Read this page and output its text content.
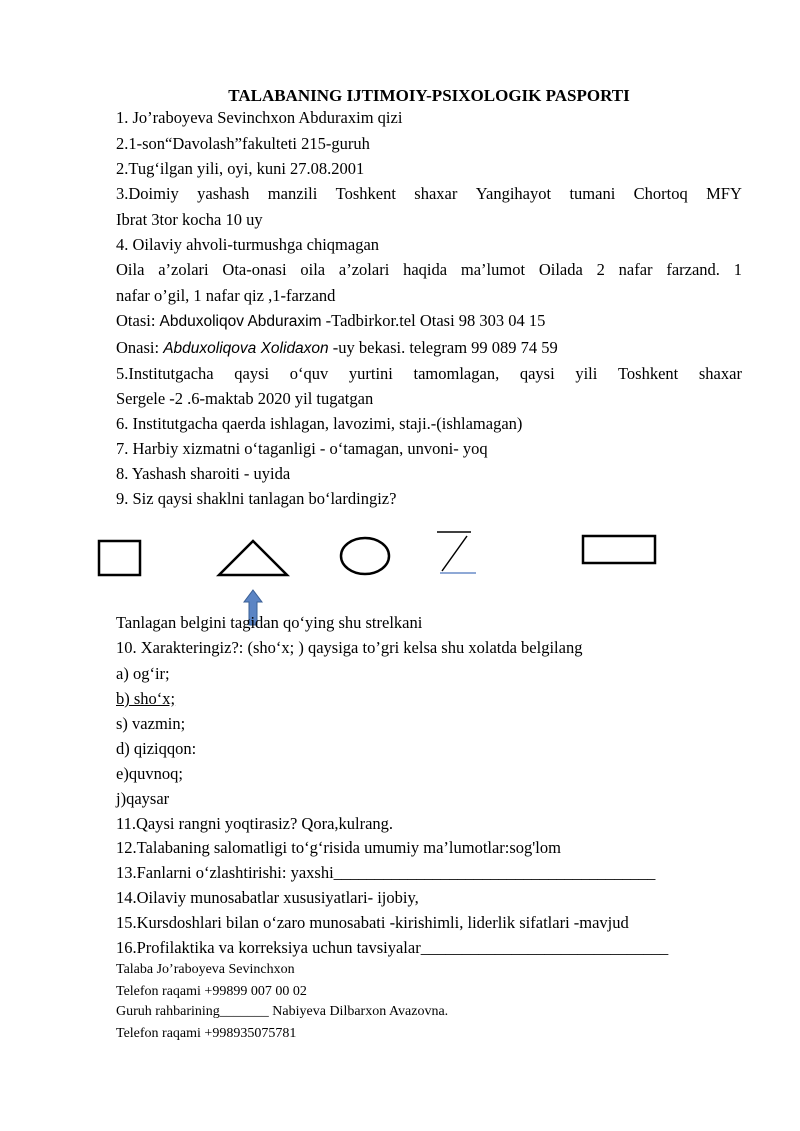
TALABANING IJTIMOIY-PSIXOLOGIK PASPORTI
1. Jo’raboyeva Sevinchxon Abduraxim qizi
2.1-son“Davolash”fakulteti 215-guruh
2.Tug‘ilgan yili, oyi, kuni 27.08.2001
3.Doimiy yashash manzili Toshkent shaxar Yangihayot tumani Chortoq MFY
Ibrat 3tor kocha 10 uy
4. Oilaviy ahvoli-turmushga chiqmagan
Oila a’zolari Ota-onasi oila a’zolari haqida ma’lumot Oilada 2 nafar farzand. 1
nafar o’gil, 1 nafar qiz ,1-farzand
Otasi: Abduxoliqov Abduraxim -Tadbirkor.tel Otasi 98 303 04 15
Onasi: Abduxoliqova Xolidaxon -uy bekasi. telegram 99 089 74 59
5.Institutgacha qaysi o‘quv yurtini tamomlagan, qaysi yili Toshkent shaxar
Sergele -2 .6-maktab 2020 yil tugatgan
6. Institutgacha qaerda ishlagan, lavozimi, staji.-(ishlamagan)
7. Harbiy xizmatni o‘taganligi - o‘tamagan, unvoni- yoq
8. Yashash sharoiti - uyida
9. Siz qaysi shaklni tanlagan bo‘lardingiz?
Tanlagan belgini tagidan qo‘ying shu strelkani
10. Xarakteringiz?: (sho‘x; ) qaysiga to’gri kelsa shu xolatda belgilang
a) og‘ir;
b) sho‘x;
s) vazmin;
d) qiziqqon:
e)quvnoq;
j)qaysar
11.Qaysi rangni yoqtirasiz? Qora,kulrang.
12.Talabaning salomatligi to‘g‘risida umumiy ma’lumotlar:sog'lom
13.Fanlarni o‘zlashtirishi: yaxshi_______________________________________
14.Oilaviy munosabatlar xususiyatlari- ijobiy,
15.Kursdoshlari bilan o‘zaro munosabati -kirishimli, liderlik sifatlari -mavjud
16.Profilaktika va korreksiya uchun tavsiyalar______________________________
Talaba Jo’raboyeva Sevinchxon
Telefon raqami +99899 007 00 02
Guruh rahbarining_______ Nabiyeva Dilbarxon Avazovna.
Telefon raqami +998935075781
